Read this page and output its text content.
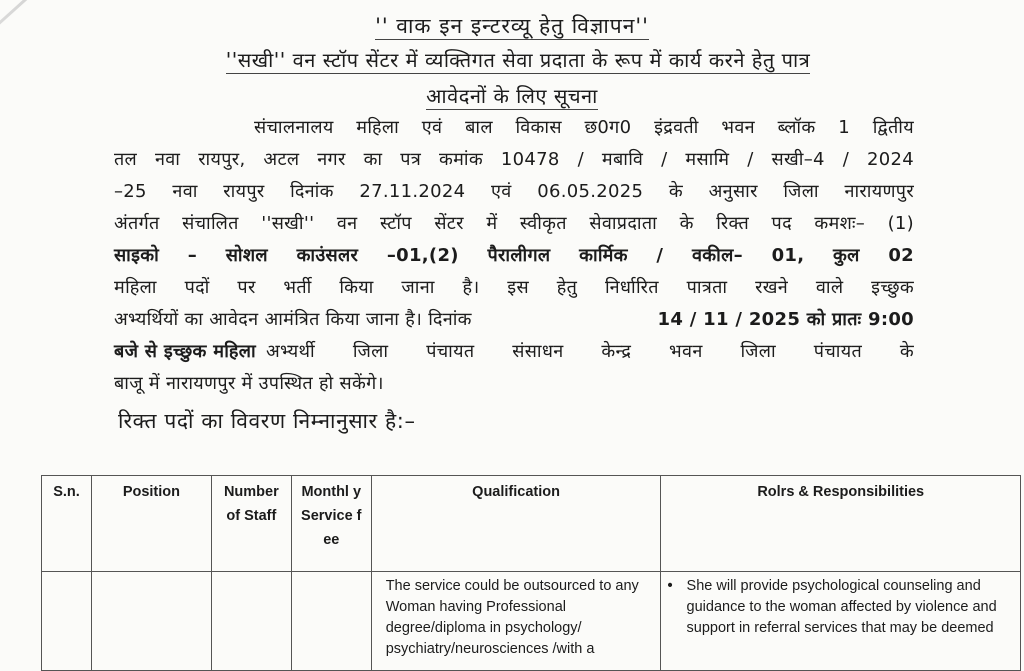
'' वाक इन इन्टरव्यू हेतु विज्ञापन''
''सखी'' वन स्टॉप सेंटर में व्यक्तिगत सेवा प्रदाता के रूप में कार्य करने हेतु पात्र
आवेदनों के लिए सूचना
संचालनालय महिला एवं बाल विकास छ0ग0 इंद्रवती भवन ब्लॉक 1 द्वितीय
तल नवा रायपुर, अटल नगर का पत्र कमांक 10478 / मबावि / मसामि / सखी–4 / 2024
–25 नवा रायपुर दिनांक 27.11.2024 एवं 06.05.2025 के अनुसार जिला नारायणपुर
अंतर्गत संचालित ''सखी'' वन स्टॉप सेंटर में स्वीकृत सेवाप्रदाता के रिक्त पद कमशः– (1)
साइको – सोशल काउंसलर –01,(2) पैरालीगल कार्मिक / वकील– 01, कुल 02
महिला पदों पर भर्ती किया जाना है। इस हेतु निर्धारित पात्रता रखने वाले इच्छुक
अभ्यर्थियों का आवेदन आमंत्रित किया जाना है। दिनांक	14 / 11 / 2025 को प्रातः 9:00
बजे से इच्छुक महिला अभ्यर्थी जिला पंचायत संसाधन केन्द्र भवन जिला पंचायत के
बाजू में नारायणपुर में उपस्थित हो सकेंगे।
रिक्त पदों का विवरण निम्नानुसार है:–
S.n.	Position	Number of Staff	Monthl y Service fee	Qualification	Rolrs & Responsibilities
				The service could be outsourced to any Woman having Professional degree/diploma in psychology/ psychiatry/neurosciences /with a	• She will provide psychological counseling and guidance to the woman affected by violence and support in referral services that may be deemed
